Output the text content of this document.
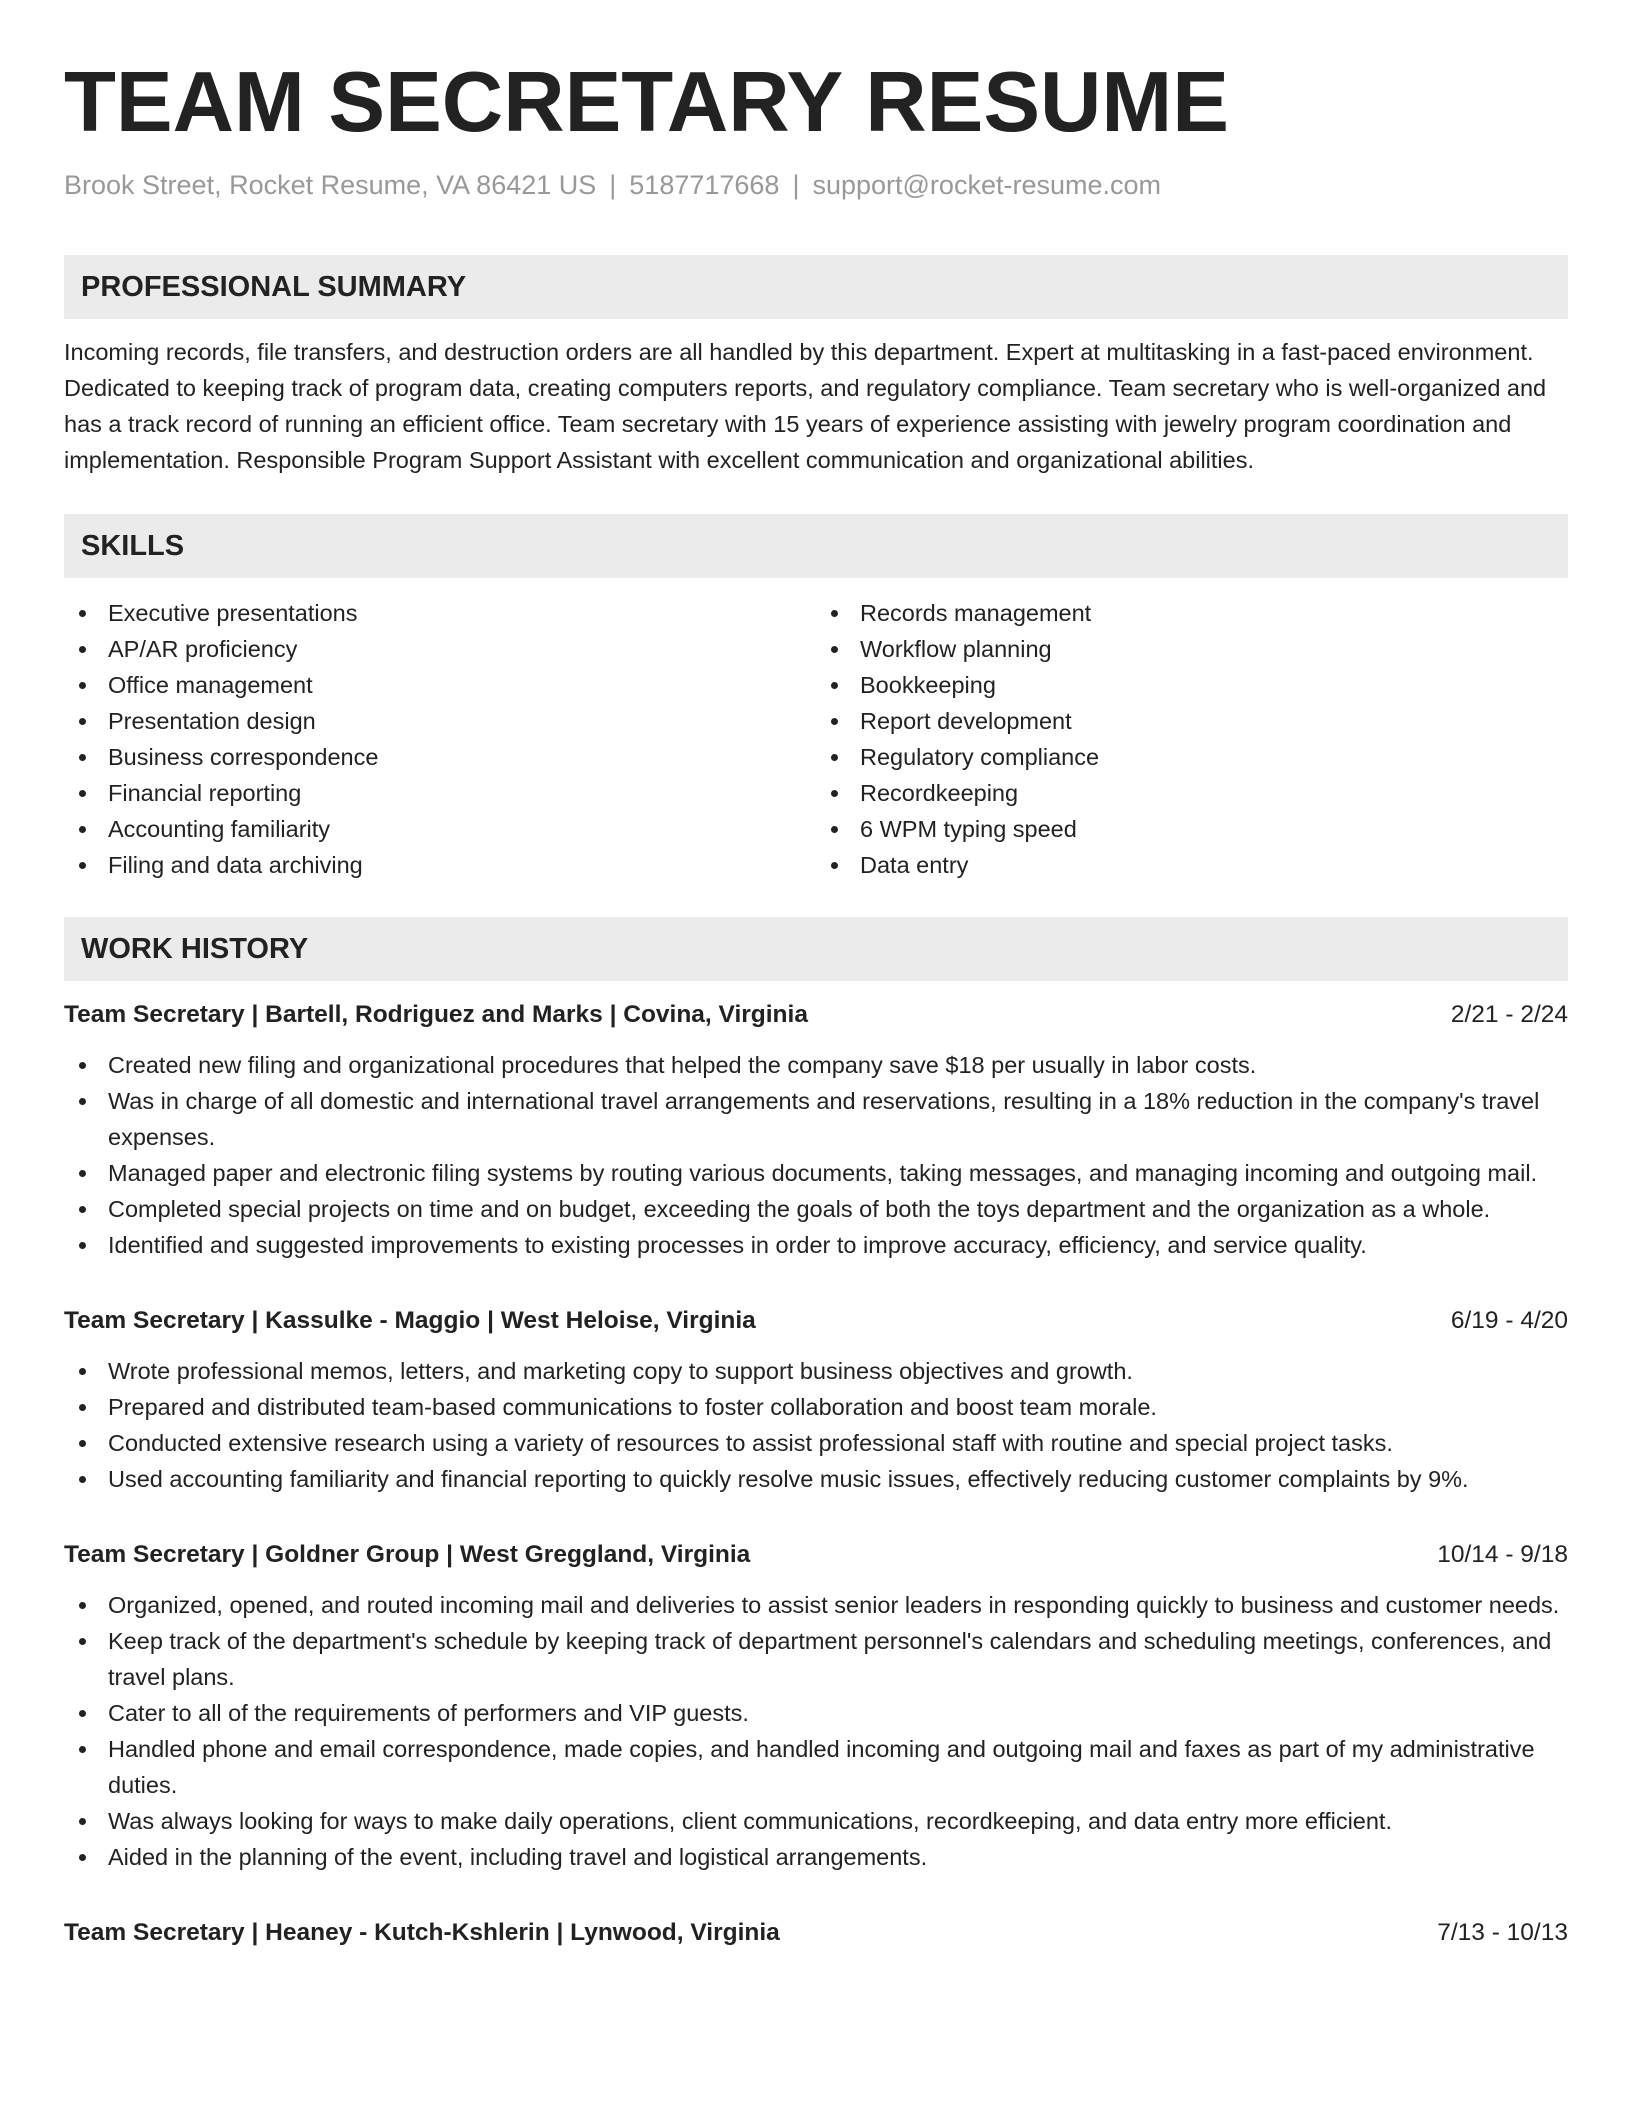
TEAM SECRETARY RESUME
Brook Street, Rocket Resume, VA 86421 US | 5187717668 | support@rocket-resume.com
PROFESSIONAL SUMMARY
Incoming records, file transfers, and destruction orders are all handled by this department. Expert at multitasking in a fast-paced environment. Dedicated to keeping track of program data, creating computers reports, and regulatory compliance. Team secretary who is well-organized and has a track record of running an efficient office. Team secretary with 15 years of experience assisting with jewelry program coordination and implementation. Responsible Program Support Assistant with excellent communication and organizational abilities.
SKILLS
Executive presentations
AP/AR proficiency
Office management
Presentation design
Business correspondence
Financial reporting
Accounting familiarity
Filing and data archiving
Records management
Workflow planning
Bookkeeping
Report development
Regulatory compliance
Recordkeeping
6 WPM typing speed
Data entry
WORK HISTORY
Team Secretary | Bartell, Rodriguez and Marks | Covina, Virginia	2/21 - 2/24
Created new filing and organizational procedures that helped the company save $18 per usually in labor costs.
Was in charge of all domestic and international travel arrangements and reservations, resulting in a 18% reduction in the company's travel expenses.
Managed paper and electronic filing systems by routing various documents, taking messages, and managing incoming and outgoing mail.
Completed special projects on time and on budget, exceeding the goals of both the toys department and the organization as a whole.
Identified and suggested improvements to existing processes in order to improve accuracy, efficiency, and service quality.
Team Secretary | Kassulke - Maggio | West Heloise, Virginia	6/19 - 4/20
Wrote professional memos, letters, and marketing copy to support business objectives and growth.
Prepared and distributed team-based communications to foster collaboration and boost team morale.
Conducted extensive research using a variety of resources to assist professional staff with routine and special project tasks.
Used accounting familiarity and financial reporting to quickly resolve music issues, effectively reducing customer complaints by 9%.
Team Secretary | Goldner Group | West Greggland, Virginia	10/14 - 9/18
Organized, opened, and routed incoming mail and deliveries to assist senior leaders in responding quickly to business and customer needs.
Keep track of the department's schedule by keeping track of department personnel's calendars and scheduling meetings, conferences, and travel plans.
Cater to all of the requirements of performers and VIP guests.
Handled phone and email correspondence, made copies, and handled incoming and outgoing mail and faxes as part of my administrative duties.
Was always looking for ways to make daily operations, client communications, recordkeeping, and data entry more efficient.
Aided in the planning of the event, including travel and logistical arrangements.
Team Secretary | Heaney - Kutch-Kshlerin | Lynwood, Virginia	7/13 - 10/13
